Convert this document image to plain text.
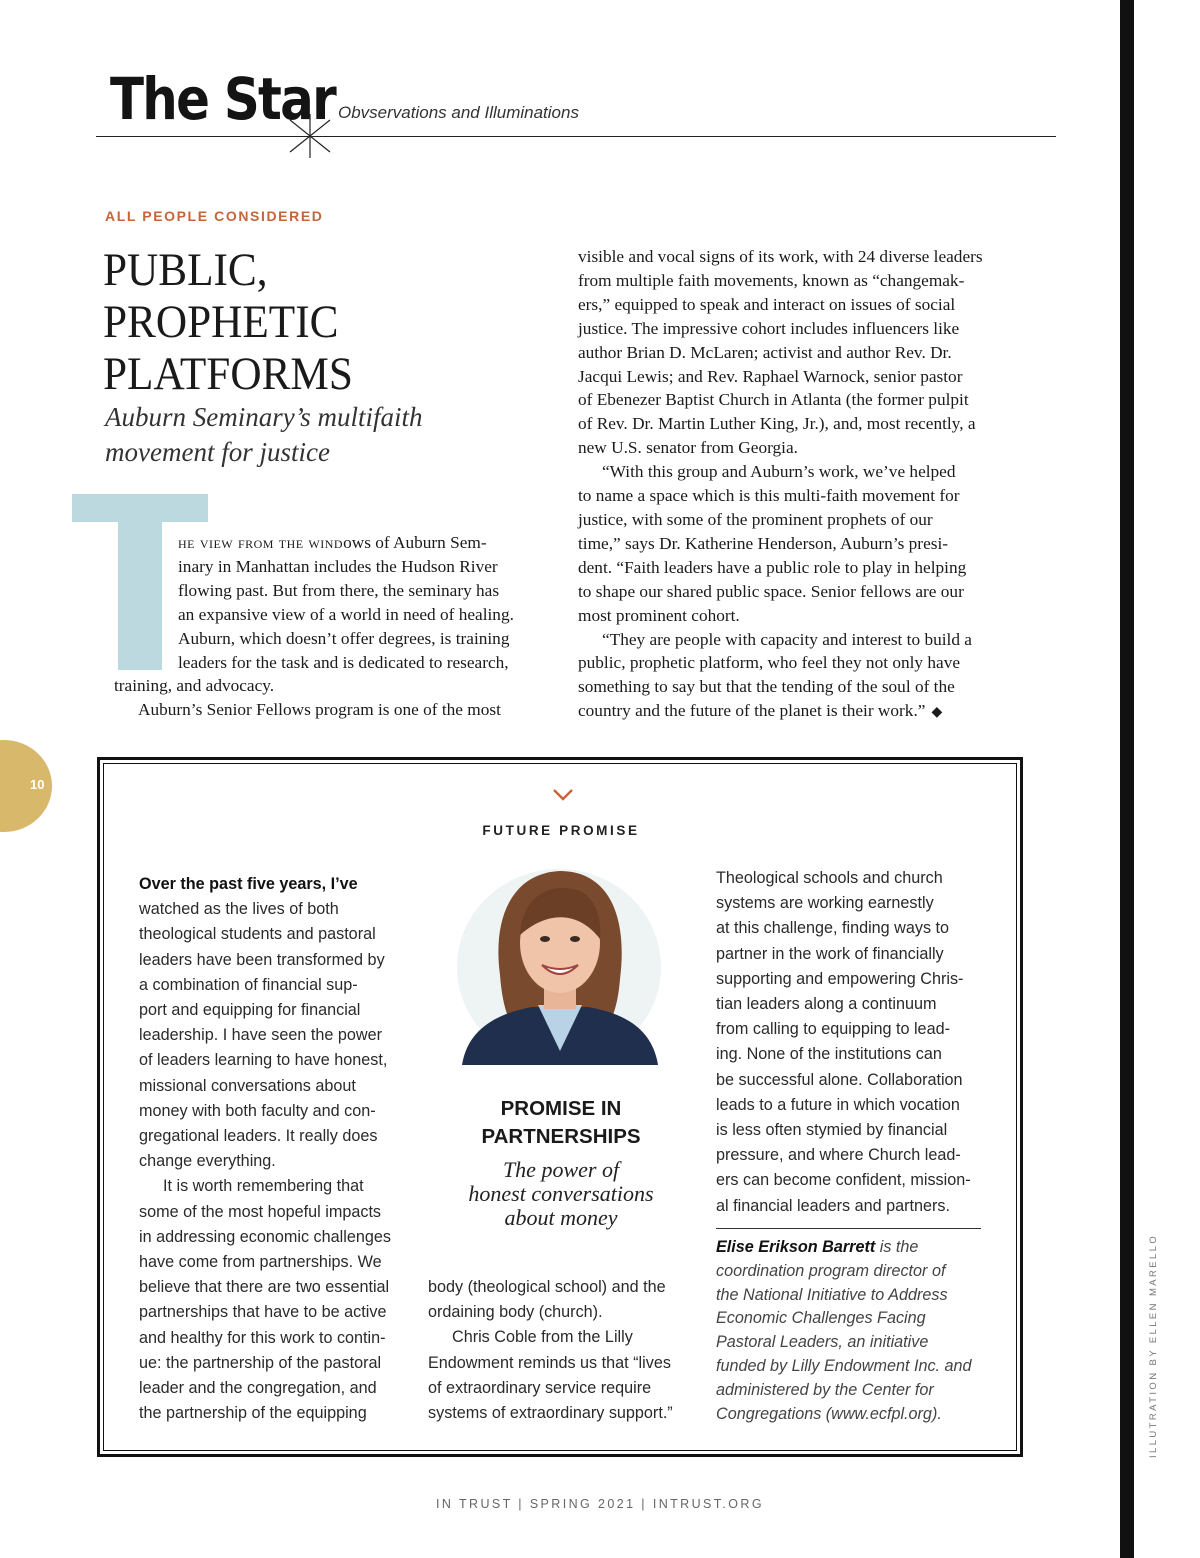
The Star Obvservations and Illuminations
ALL PEOPLE CONSIDERED
PUBLIC,
PROPHETIC
PLATFORMS
Auburn Seminary’s multifaith
movement for justice
he view from the windows of Auburn Sem-
inary in Manhattan includes the Hudson River
flowing past. But from there, the seminary has
an expansive view of a world in need of healing.
Auburn, which doesn’t offer degrees, is training
leaders for the task and is dedicated to research,
training, and advocacy.
Auburn’s Senior Fellows program is one of the most
visible and vocal signs of its work, with 24 diverse leaders
from multiple faith movements, known as “changemak-
ers,” equipped to speak and interact on issues of social
justice. The impressive cohort includes influencers like
author Brian D. McLaren; activist and author Rev. Dr.
Jacqui Lewis; and Rev. Raphael Warnock, senior pastor
of Ebenezer Baptist Church in Atlanta (the former pulpit
of Rev. Dr. Martin Luther King, Jr.), and, most recently, a
new U.S. senator from Georgia.
“With this group and Auburn’s work, we’ve helped
to name a space which is this multi-faith movement for
justice, with some of the prominent prophets of our
time,” says Dr. Katherine Henderson, Auburn’s presi-
dent. “Faith leaders have a public role to play in helping
to shape our shared public space. Senior fellows are our
most prominent cohort.
“They are people with capacity and interest to build a
public, prophetic platform, who feel they not only have
something to say but that the tending of the soul of the
country and the future of the planet is their work.” ◆
10
FUTURE PROMISE
Over the past five years, I’ve
watched as the lives of both
theological students and pastoral
leaders have been transformed by
a combination of financial sup-
port and equipping for financial
leadership. I have seen the power
of leaders learning to have honest,
missional conversations about
money with both faculty and con-
gregational leaders. It really does
change everything.
It is worth remembering that
some of the most hopeful impacts
in addressing economic challenges
have come from partnerships. We
believe that there are two essential
partnerships that have to be active
and healthy for this work to contin-
ue: the partnership of the pastoral
leader and the congregation, and
the partnership of the equipping
PROMISE IN
PARTNERSHIPS
The power of
honest conversations
about money
body (theological school) and the
ordaining body (church).
Chris Coble from the Lilly
Endowment reminds us that “lives
of extraordinary service require
systems of extraordinary support.”
Theological schools and church
systems are working earnestly
at this challenge, finding ways to
partner in the work of financially
supporting and empowering Chris-
tian leaders along a continuum
from calling to equipping to lead-
ing. None of the institutions can
be successful alone. Collaboration
leads to a future in which vocation
is less often stymied by financial
pressure, and where Church lead-
ers can become confident, mission-
al financial leaders and partners.
Elise Erikson Barrett is the
coordination program director of
the National Initiative to Address
Economic Challenges Facing
Pastoral Leaders, an initiative
funded by Lilly Endowment Inc. and
administered by the Center for
Congregations (www.ecfpl.org).
IN TRUST | SPRING 2021 | INTRUST.ORG
ILLUTRATION BY ELLEN MARELLO
